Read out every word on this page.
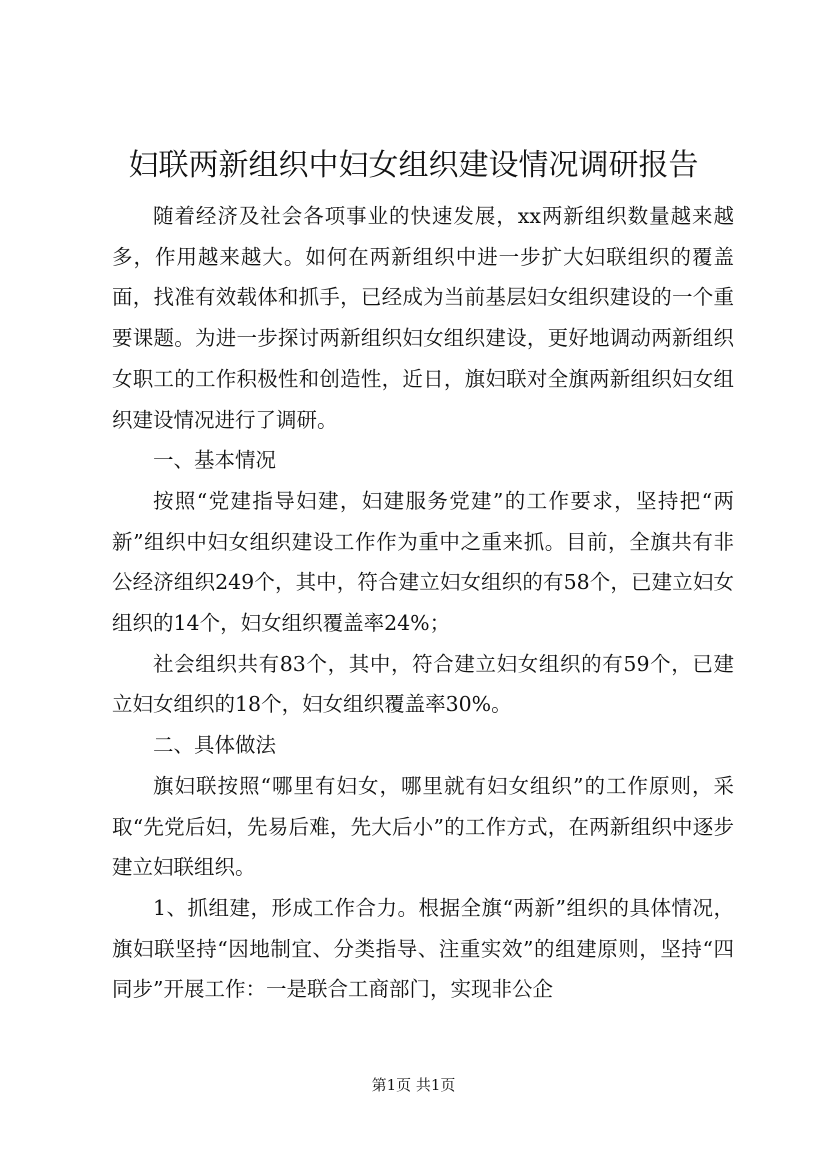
妇联两新组织中妇女组织建设情况调研报告

随着经济及社会各项事业的快速发展，xx两新组织数量越来越多，作用越来越大。如何在两新组织中进一步扩大妇联组织的覆盖面，找准有效载体和抓手，已经成为当前基层妇女组织建设的一个重要课题。为进一步探讨两新组织妇女组织建设，更好地调动两新组织女职工的工作积极性和创造性，近日，旗妇联对全旗两新组织妇女组织建设情况进行了调研。

一、基本情况

按照“党建指导妇建，妇建服务党建”的工作要求，坚持把“两新”组织中妇女组织建设工作作为重中之重来抓。目前，全旗共有非公经济组织249个，其中，符合建立妇女组织的有58个，已建立妇女组织的14个，妇女组织覆盖率24%；

社会组织共有83个，其中，符合建立妇女组织的有59个，已建立妇女组织的18个，妇女组织覆盖率30%。

二、具体做法

旗妇联按照“哪里有妇女，哪里就有妇女组织”的工作原则，采取“先党后妇，先易后难，先大后小”的工作方式，在两新组织中逐步建立妇联组织。

1、抓组建，形成工作合力。根据全旗“两新”组织的具体情况，旗妇联坚持“因地制宜、分类指导、注重实效”的组建原则，坚持“四同步”开展工作：一是联合工商部门，实现非公企

第1页 共1页
